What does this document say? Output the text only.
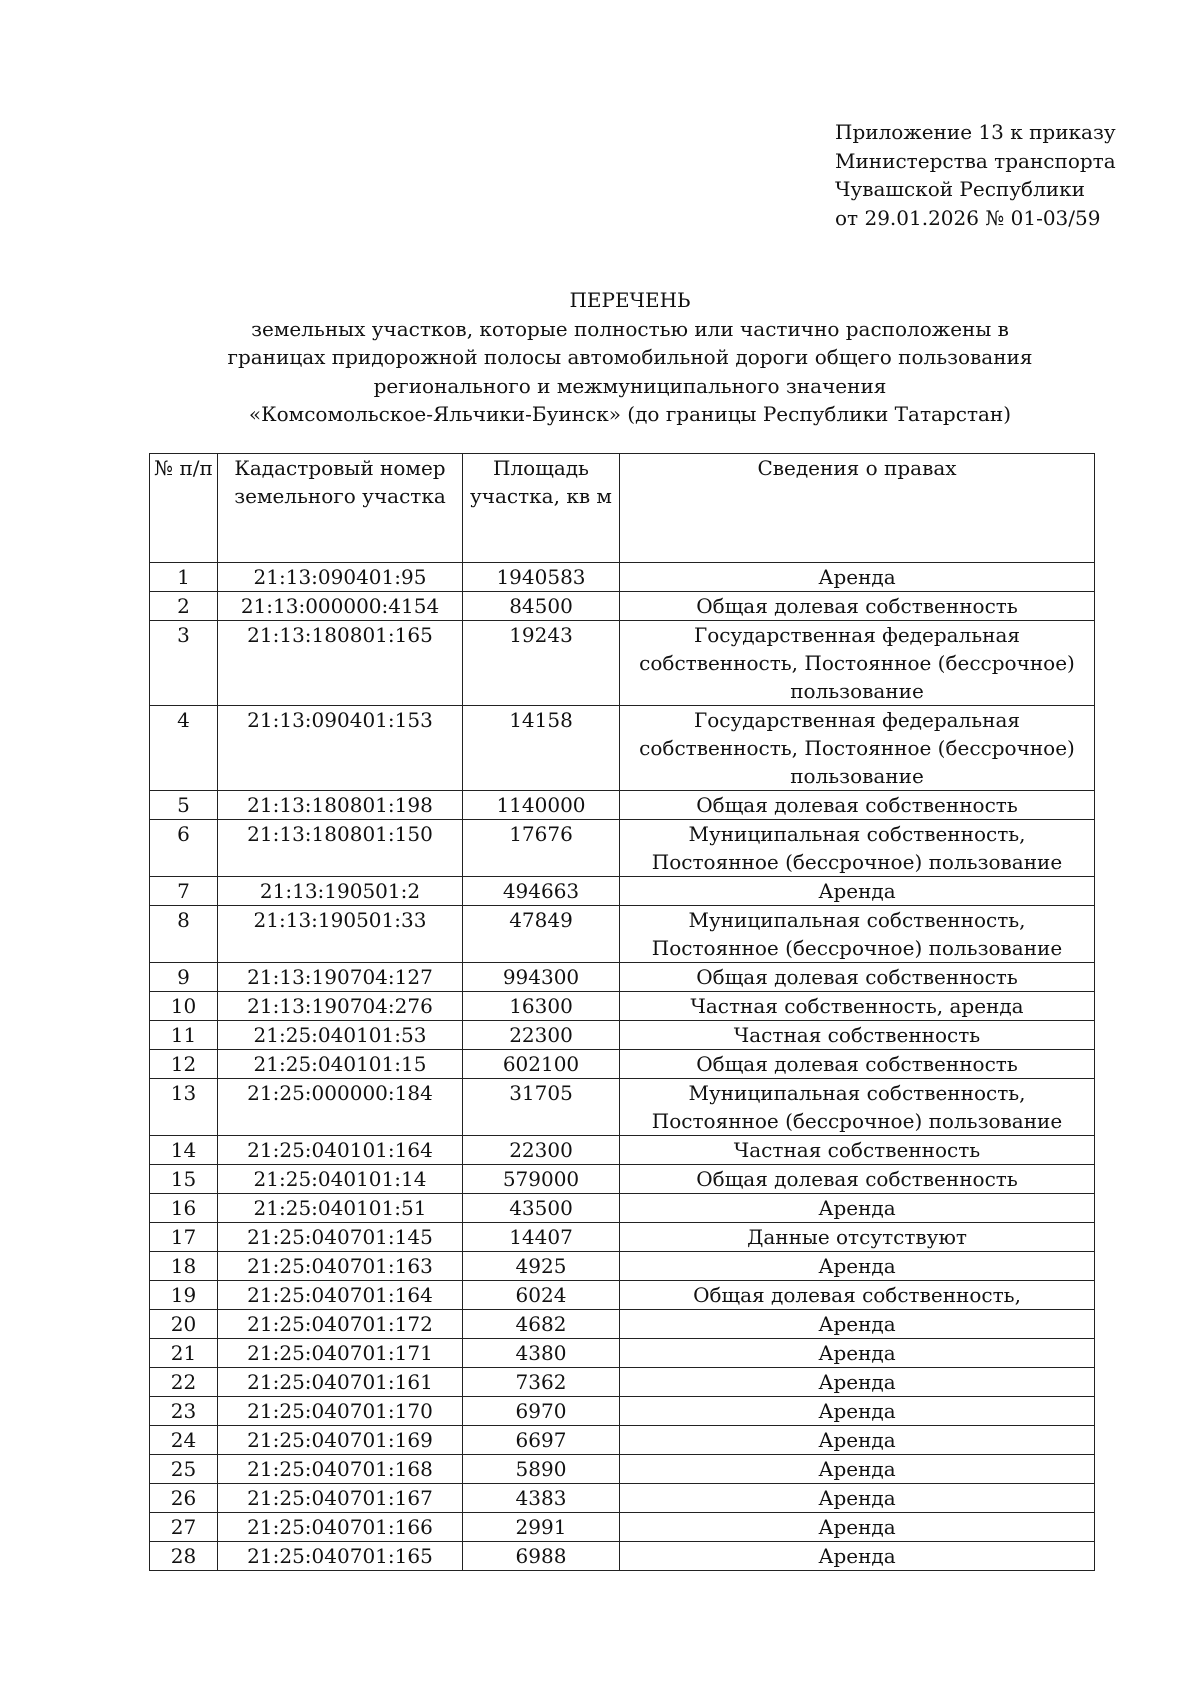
Приложение 13 к приказу
Министерства транспорта
Чувашской Республики
от 29.01.2026 № 01-03/59
ПЕРЕЧЕНЬ
земельных участков, которые полностью или частично расположены в
границах придорожной полосы автомобильной дороги общего пользования
регионального и межмуниципального значения
«Комсомольское-Яльчики-Буинск» (до границы Республики Татарстан)
№ п/п	Кадастровый номер земельного участка	Площадь участка, кв м	Сведения о правах
1	21:13:090401:95	1940583	Аренда
2	21:13:000000:4154	84500	Общая долевая собственность
3	21:13:180801:165	19243	Государственная федеральная собственность, Постоянное (бессрочное) пользование
4	21:13:090401:153	14158	Государственная федеральная собственность, Постоянное (бессрочное) пользование
5	21:13:180801:198	1140000	Общая долевая собственность
6	21:13:180801:150	17676	Муниципальная собственность, Постоянное (бессрочное) пользование
7	21:13:190501:2	494663	Аренда
8	21:13:190501:33	47849	Муниципальная собственность, Постоянное (бессрочное) пользование
9	21:13:190704:127	994300	Общая долевая собственность
10	21:13:190704:276	16300	Частная собственность, аренда
11	21:25:040101:53	22300	Частная собственность
12	21:25:040101:15	602100	Общая долевая собственность
13	21:25:000000:184	31705	Муниципальная собственность, Постоянное (бессрочное) пользование
14	21:25:040101:164	22300	Частная собственность
15	21:25:040101:14	579000	Общая долевая собственность
16	21:25:040101:51	43500	Аренда
17	21:25:040701:145	14407	Данные отсутствуют
18	21:25:040701:163	4925	Аренда
19	21:25:040701:164	6024	Общая долевая собственность,
20	21:25:040701:172	4682	Аренда
21	21:25:040701:171	4380	Аренда
22	21:25:040701:161	7362	Аренда
23	21:25:040701:170	6970	Аренда
24	21:25:040701:169	6697	Аренда
25	21:25:040701:168	5890	Аренда
26	21:25:040701:167	4383	Аренда
27	21:25:040701:166	2991	Аренда
28	21:25:040701:165	6988	Аренда
